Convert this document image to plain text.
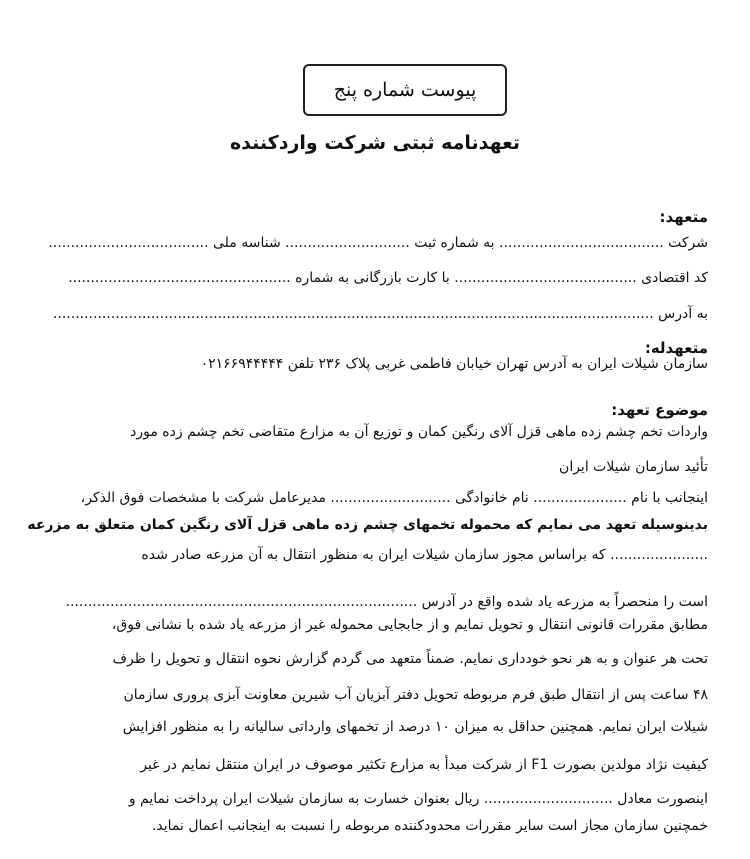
پیوست شماره پنج
تعهدنامه ثبتی شرکت واردکننده
متعهد:
شرکت ..................................... به شماره ثبت ............................ شناسه ملی ....................................
کد اقتصادی ......................................... با کارت بازرگانی به شماره ..................................................
به آدرس .......................................................................................................................................
متعهدله:
سازمان شیلات ایران به آدرس تهران خیابان فاطمی غربی پلاک ۲۳۶ تلفن ۰۲۱۶۶۹۴۴۴۴۴
موضوع تعهد:
واردات تخم چشم زده ماهی قزل آلای رنگین کمان و توزیع آن به مزارع متقاضی تخم چشم زده مورد
تأئید سازمان شیلات ایران
اینجانب با نام ..................... نام خانوادگی ........................... مدیرعامل شرکت با مشخصات فوق الذکر،
بدینوسیله تعهد می نمایم که محموله تخمهای چشم زده ماهی قزل آلای رنگین کمان متعلق به مزرعه
...................... که براساس مجوز سازمان شیلات ایران به منظور انتقال به آن مزرعه صادر شده
است را منحصراً به مزرعه یاد شده واقع در آدرس ...............................................................................
مطابق مقررات قانونی انتقال و تحویل نمایم و از جابجایی محموله غیر از مزرعه یاد شده با نشانی فوق،
تحت هر عنوان و به هر نحو خودداری نمایم. ضمناً متعهد می گردم گزارش نحوه انتقال و تحویل را ظرف
۴۸ ساعت پس از انتقال طبق فرم مربوطه تحویل دفتر آبزیان آب شیرین معاونت آبزی پروری سازمان
شیلات ایران نمایم. همچنین حداقل به میزان ۱۰ درصد از تخمهای وارداتی سالیانه را به منظور افزایش
کیفیت نژاد مولدین بصورت F1 از شرکت مبدأ به مزارع تکثیر موصوف در ایران منتقل نمایم در غیر
اینصورت معادل ............................. ریال بعنوان خسارت به سازمان شیلات ایران پرداخت نمایم و
خمچنین سازمان مجاز است سایر مقررات محدودکننده مربوطه را نسبت به اینجانب اعمال نماید.
